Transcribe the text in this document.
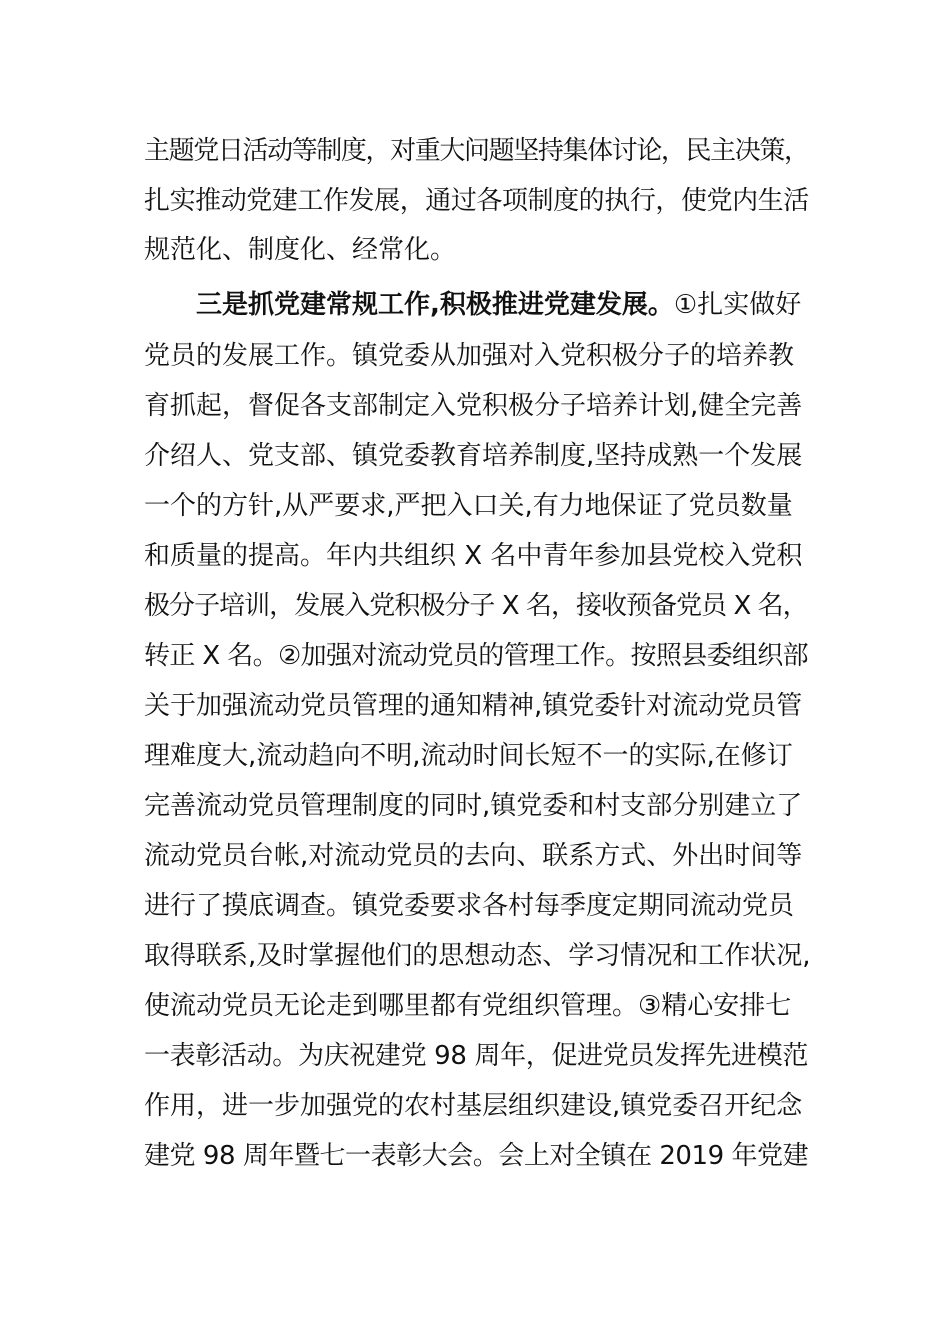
主题党日活动等制度，对重大问题坚持集体讨论，民主决策，
扎实推动党建工作发展，通过各项制度的执行，使党内生活
规范化、制度化、经常化。
三是抓党建常规工作,积极推进党建发展。①扎实做好
党员的发展工作。镇党委从加强对入党积极分子的培养教
育抓起，督促各支部制定入党积极分子培养计划,健全完善
介绍人、党支部、镇党委教育培养制度,坚持成熟一个发展
一个的方针,从严要求,严把入口关,有力地保证了党员数量
和质量的提高。年内共组织 X 名中青年参加县党校入党积
极分子培训，发展入党积极分子 X 名，接收预备党员 X 名，
转正 X 名。②加强对流动党员的管理工作。按照县委组织部
关于加强流动党员管理的通知精神,镇党委针对流动党员管
理难度大,流动趋向不明,流动时间长短不一的实际,在修订
完善流动党员管理制度的同时,镇党委和村支部分别建立了
流动党员台帐,对流动党员的去向、联系方式、外出时间等
进行了摸底调查。镇党委要求各村每季度定期同流动党员
取得联系,及时掌握他们的思想动态、学习情况和工作状况,
使流动党员无论走到哪里都有党组织管理。③精心安排七
一表彰活动。为庆祝建党 98 周年，促进党员发挥先进模范
作用，进一步加强党的农村基层组织建设,镇党委召开纪念
建党 98 周年暨七一表彰大会。会上对全镇在 2019 年党建
